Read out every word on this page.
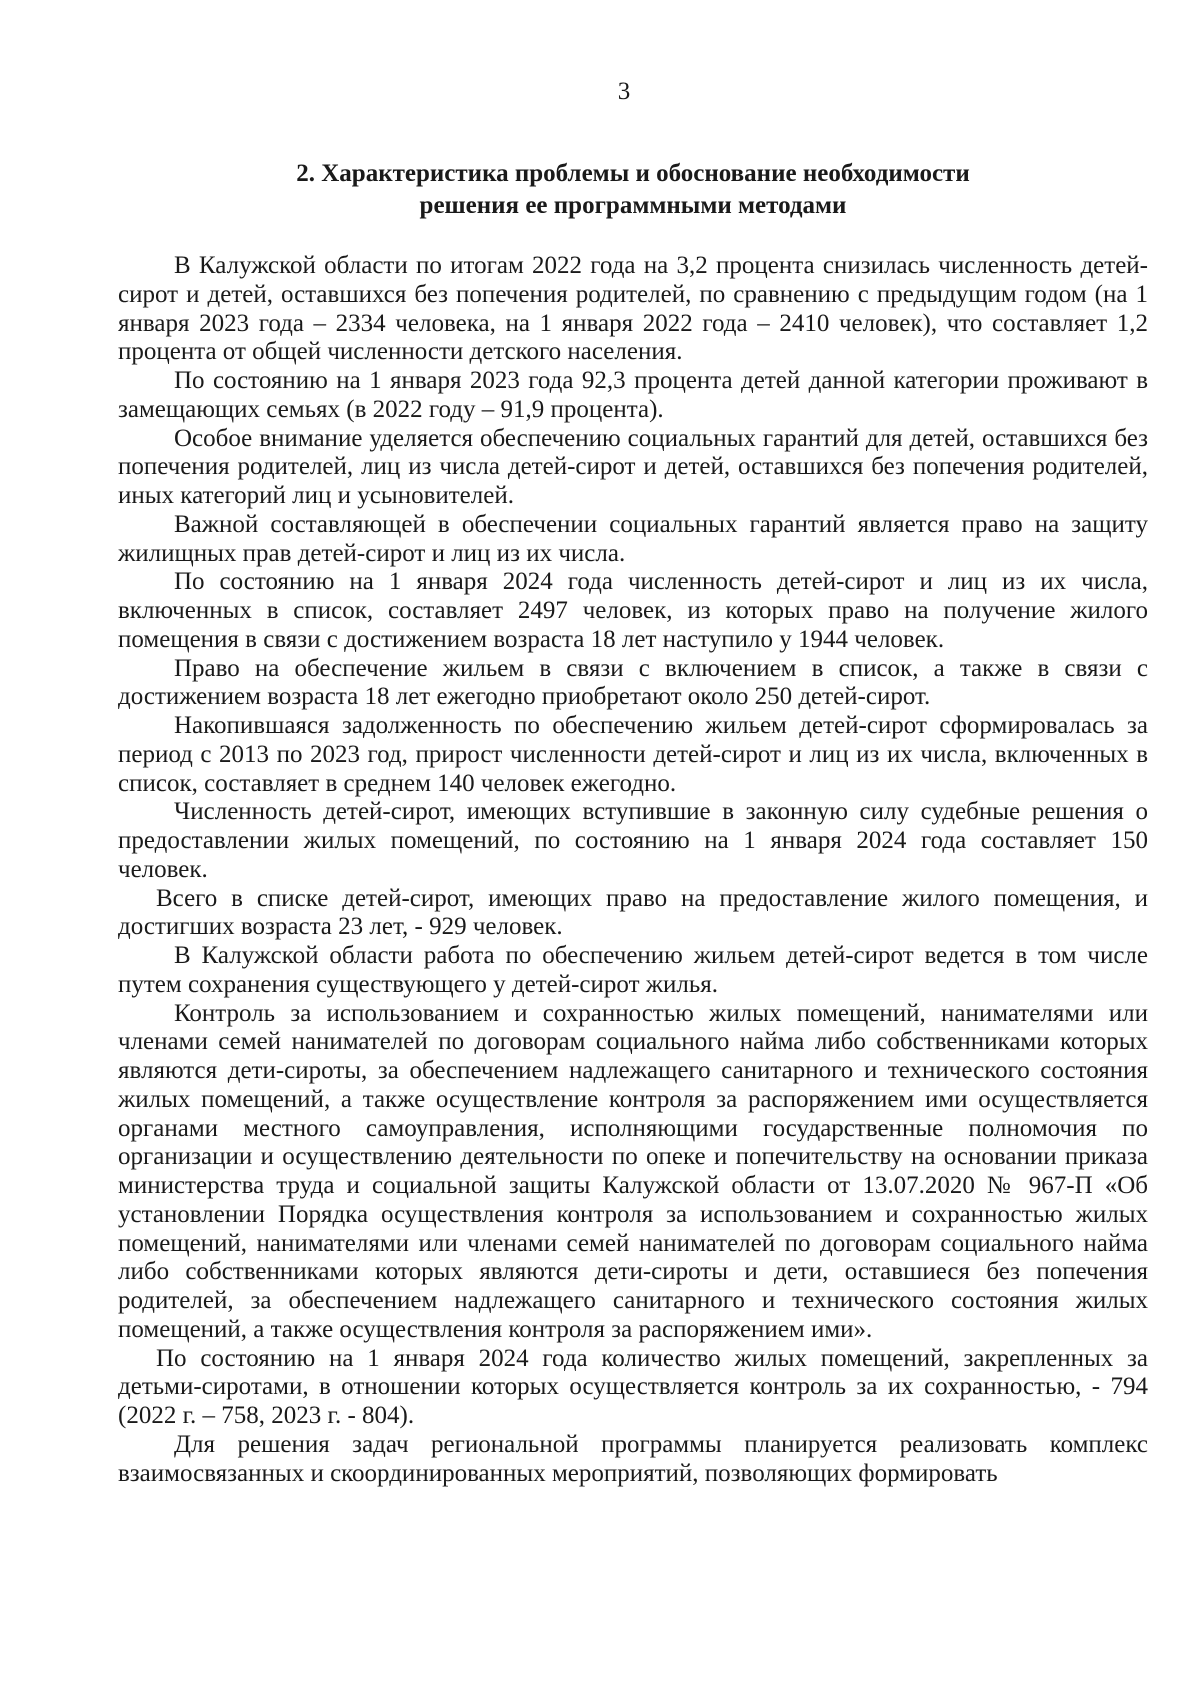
3
2. Характеристика проблемы и обоснование необходимости
решения ее программными методами

В Калужской области по итогам 2022 года на 3,2 процента снизилась численность детей-сирот и детей, оставшихся без попечения родителей, по сравнению с предыдущим годом (на 1 января 2023 года – 2334 человека, на 1 января 2022 года – 2410 человек), что составляет 1,2 процента от общей численности детского населения.

По состоянию на 1 января 2023 года 92,3 процента детей данной категории проживают в замещающих семьях (в 2022 году – 91,9 процента).

Особое внимание уделяется обеспечению социальных гарантий для детей, оставшихся без попечения родителей, лиц из числа детей-сирот и детей, оставшихся без попечения родителей, иных категорий лиц и усыновителей.

Важной составляющей в обеспечении социальных гарантий является право на защиту жилищных прав детей-сирот и лиц из их числа.

По состоянию на 1 января 2024 года численность детей-сирот и лиц из их числа, включенных в список, составляет 2497 человек, из которых право на получение жилого помещения в связи с достижением возраста 18 лет наступило у 1944 человек.

Право на обеспечение жильем в связи с включением в список, а также в связи с достижением возраста 18 лет ежегодно приобретают около 250 детей-сирот.

Накопившаяся задолженность по обеспечению жильем детей-сирот сформировалась за период с 2013 по 2023 год, прирост численности детей-сирот и лиц из их числа, включенных в список, составляет в среднем 140 человек ежегодно.

Численность детей-сирот, имеющих вступившие в законную силу судебные решения о предоставлении жилых помещений, по состоянию на 1 января 2024 года составляет 150 человек.

Всего в списке детей-сирот, имеющих право на предоставление жилого помещения, и достигших возраста 23 лет, - 929 человек.

В Калужской области работа по обеспечению жильем детей-сирот ведется в том числе путем сохранения существующего у детей-сирот жилья.

Контроль за использованием и сохранностью жилых помещений, нанимателями или членами семей нанимателей по договорам социального найма либо собственниками которых являются дети-сироты, за обеспечением надлежащего санитарного и технического состояния жилых помещений, а также осуществление контроля за распоряжением ими осуществляется органами местного самоуправления, исполняющими государственные полномочия по организации и осуществлению деятельности по опеке и попечительству на основании приказа министерства труда и социальной защиты Калужской области от 13.07.2020 № 967-П «Об установлении Порядка осуществления контроля за использованием и сохранностью жилых помещений, нанимателями или членами семей нанимателей по договорам социального найма либо собственниками которых являются дети-сироты и дети, оставшиеся без попечения родителей, за обеспечением надлежащего санитарного и технического состояния жилых помещений, а также осуществления контроля за распоряжением ими».

По состоянию на 1 января 2024 года количество жилых помещений, закрепленных за детьми-сиротами, в отношении которых осуществляется контроль за их сохранностью, - 794 (2022 г. – 758, 2023 г. - 804).

Для решения задач региональной программы планируется реализовать комплекс взаимосвязанных и скоординированных мероприятий, позволяющих формировать
